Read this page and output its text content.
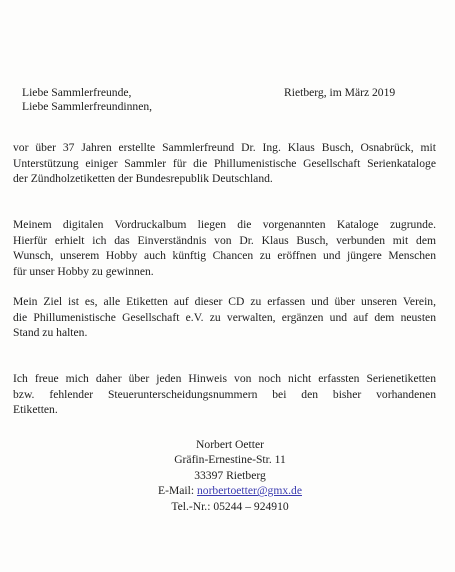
Liebe Sammlerfreunde,
Liebe Sammlerfreundinnen,
Rietberg, im März 2019
vor über 37 Jahren erstellte Sammlerfreund Dr. Ing. Klaus Busch, Osnabrück, mit
Unterstützung einiger Sammler für die Phillumenistische Gesellschaft Serienkataloge
der Zündholzetiketten der Bundesrepublik Deutschland.
Meinem digitalen Vordruckalbum liegen die vorgenannten Kataloge zugrunde.
Hierfür erhielt ich das Einverständnis von Dr. Klaus Busch, verbunden mit dem
Wunsch, unserem Hobby auch künftig Chancen zu eröffnen und jüngere Menschen
für unser Hobby zu gewinnen.
Mein Ziel ist es, alle Etiketten auf dieser CD zu erfassen und über unseren Verein,
die Phillumenistische Gesellschaft e.V. zu verwalten, ergänzen und auf dem neusten
Stand zu halten.
Ich freue mich daher über jeden Hinweis von noch nicht erfassten Serienetiketten
bzw. fehlender Steuerunterscheidungsnummern bei den bisher vorhandenen
Etiketten.
Norbert Oetter
Gräfin-Ernestine-Str. 11
33397 Rietberg
E-Mail: norbertoetter@gmx.de
Tel.-Nr.: 05244 – 924910
